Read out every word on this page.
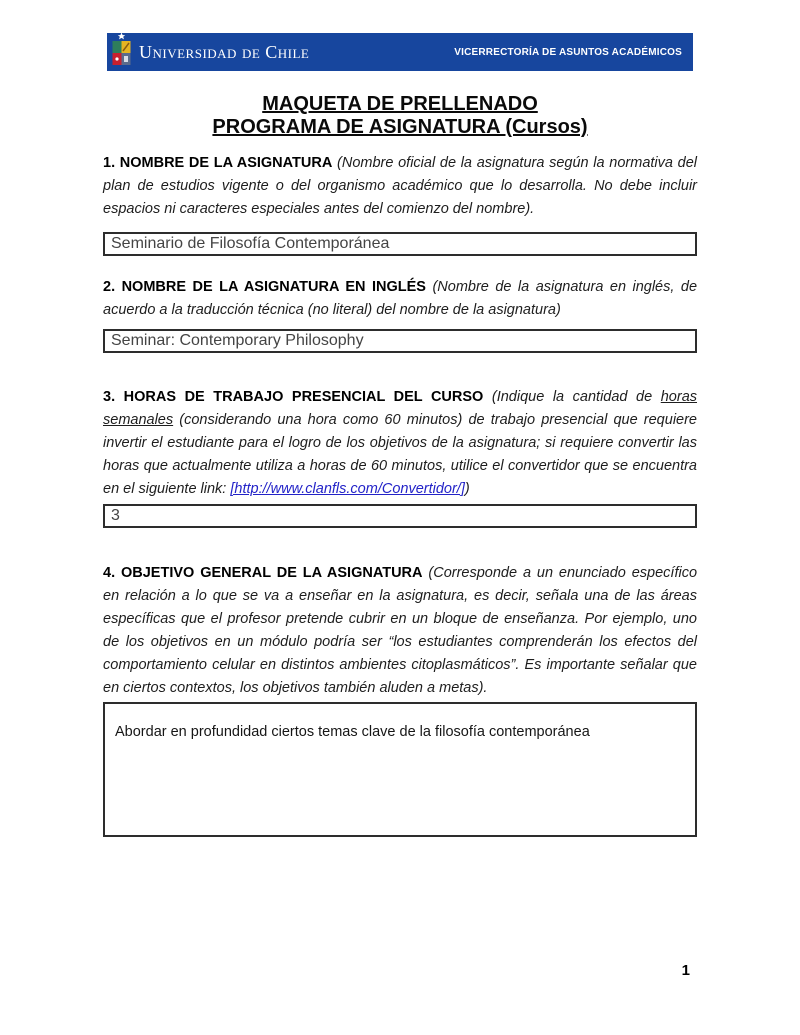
Universidad de Chile	VICERRECTORÍA DE ASUNTOS ACADÉMICOS
MAQUETA DE PRELLENADO
PROGRAMA DE ASIGNATURA (Cursos)

1. NOMBRE DE LA ASIGNATURA (Nombre oficial de la asignatura según la normativa del plan de estudios vigente o del organismo académico que lo desarrolla. No debe incluir espacios ni caracteres especiales antes del comienzo del nombre).

Seminario de Filosofía Contemporánea

2. NOMBRE DE LA ASIGNATURA EN INGLÉS (Nombre de la asignatura en inglés, de acuerdo a la traducción técnica (no literal) del nombre de la asignatura)

Seminar: Contemporary Philosophy

3. HORAS DE TRABAJO PRESENCIAL DEL CURSO (Indique la cantidad de horas semanales (considerando una hora como 60 minutos) de trabajo presencial que requiere invertir el estudiante para el logro de los objetivos de la asignatura; si requiere convertir las horas que actualmente utiliza a horas de 60 minutos, utilice el convertidor que se encuentra en el siguiente link: [http://www.clanfls.com/Convertidor/])

3

4. OBJETIVO GENERAL DE LA ASIGNATURA (Corresponde a un enunciado específico en relación a lo que se va a enseñar en la asignatura, es decir, señala una de las áreas específicas que el profesor pretende cubrir en un bloque de enseñanza. Por ejemplo, uno de los objetivos en un módulo podría ser “los estudiantes comprenderán los efectos del comportamiento celular en distintos ambientes citoplasmáticos”. Es importante señalar que en ciertos contextos, los objetivos también aluden a metas).

Abordar en profundidad ciertos temas clave de la filosofía contemporánea
1
